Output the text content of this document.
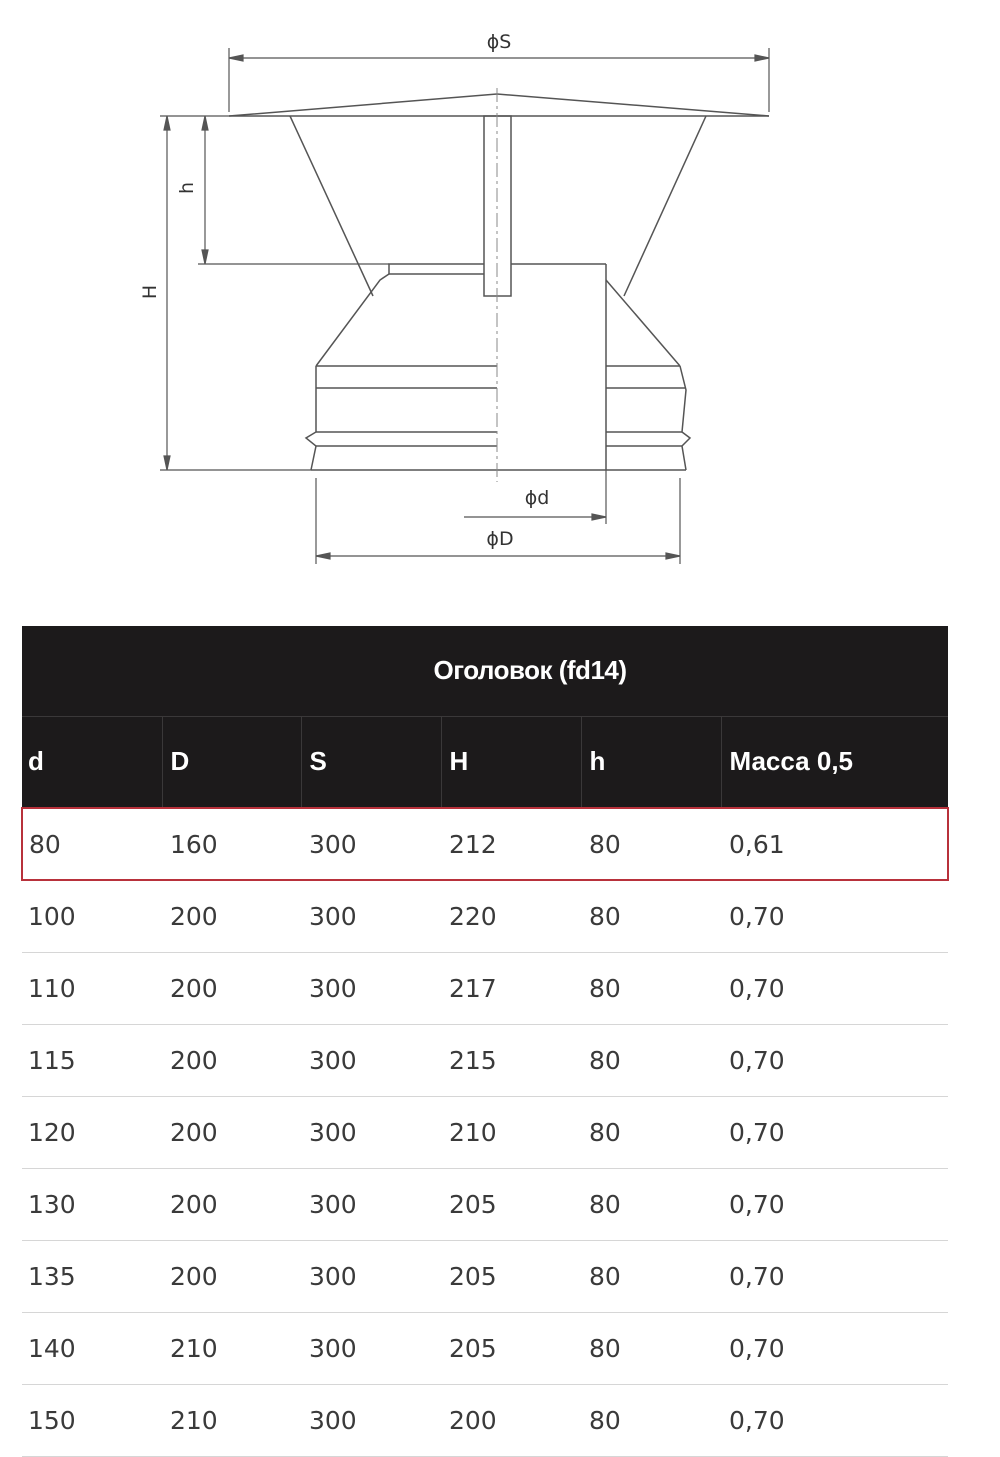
ϕS
H
h
ϕd
ϕD
Оголовок (fd14)					
d	D	S	H	h	Масса 0,5
80	160	300	212	80	0,61
100	200	300	220	80	0,70
110	200	300	217	80	0,70
115	200	300	215	80	0,70
120	200	300	210	80	0,70
130	200	300	205	80	0,70
135	200	300	205	80	0,70
140	210	300	205	80	0,70
150	210	300	200	80	0,70
